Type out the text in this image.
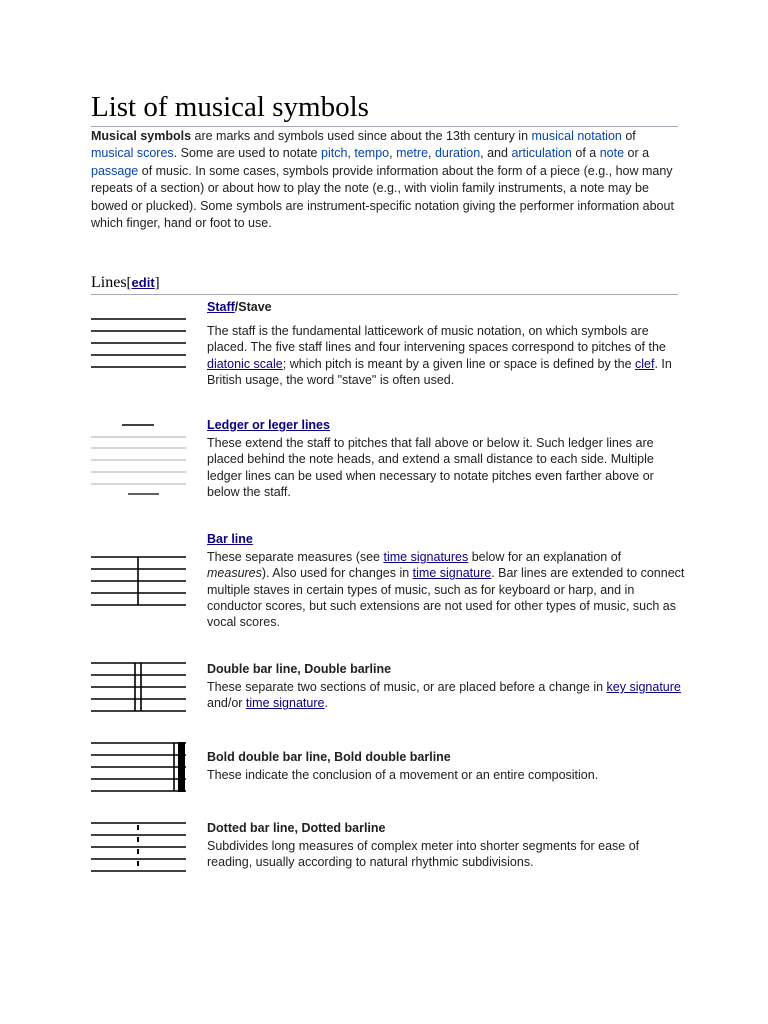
List of musical symbols

Musical symbols are marks and symbols used since about the 13th century in musical notation of musical scores. Some are used to notate pitch, tempo, metre, duration, and articulation of a note or a passage of music. In some cases, symbols provide information about the form of a piece (e.g., how many repeats of a section) or about how to play the note (e.g., with violin family instruments, a note may be bowed or plucked). Some symbols are instrument-specific notation giving the performer information about which finger, hand or foot to use.

Lines[edit]
Staff/Stave

The staff is the fundamental latticework of music notation, on which symbols are placed. The five staff lines and four intervening spaces correspond to pitches of the diatonic scale; which pitch is meant by a given line or space is defined by the clef. In British usage, the word "stave" is often used.

Ledger or leger lines

These extend the staff to pitches that fall above or below it. Such ledger lines are placed behind the note heads, and extend a small distance to each side. Multiple ledger lines can be used when necessary to notate pitches even farther above or below the staff.

Bar line

These separate measures (see time signatures below for an explanation of measures). Also used for changes in time signature. Bar lines are extended to connect multiple staves in certain types of music, such as for keyboard or harp, and in conductor scores, but such extensions are not used for other types of music, such as vocal scores.

Double bar line, Double barline

These separate two sections of music, or are placed before a change in key signature and/or time signature.

Bold double bar line, Bold double barline

These indicate the conclusion of a movement or an entire composition.

Dotted bar line, Dotted barline

Subdivides long measures of complex meter into shorter segments for ease of reading, usually according to natural rhythmic subdivisions.
